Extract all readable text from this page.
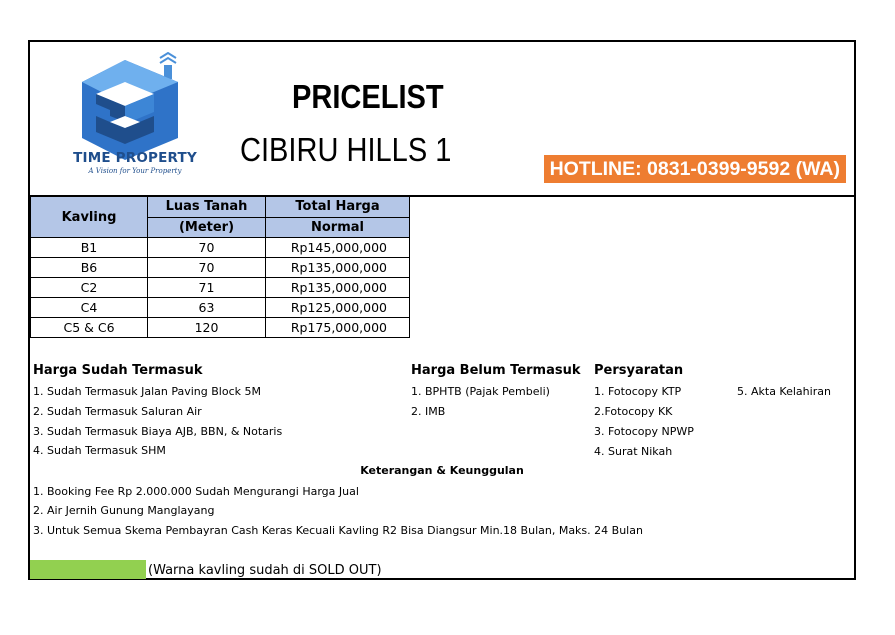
TIME PROPERTY
A Vision for Your Property
PRICELIST
CIBIRU HILLS 1
HOTLINE: 0831-0399-9592 (WA)
Kavling	Luas Tanah	Total Harga
	(Meter)	Normal
B1	70	Rp145,000,000
B6	70	Rp135,000,000
C2	71	Rp135,000,000
C4	63	Rp125,000,000
C5 & C6	120	Rp175,000,000
Harga Sudah Termasuk
1. Sudah Termasuk Jalan Paving Block 5M
2. Sudah Termasuk Saluran Air
3. Sudah Termasuk Biaya AJB, BBN, & Notaris
4. Sudah Termasuk SHM
Harga Belum Termasuk
1. BPHTB (Pajak Pembeli)
2. IMB
Persyaratan
1. Fotocopy KTP
2.Fotocopy KK
3. Fotocopy NPWP
4. Surat Nikah
5. Akta Kelahiran
Keterangan & Keunggulan
1. Booking Fee Rp 2.000.000 Sudah Mengurangi Harga Jual
2. Air Jernih Gunung Manglayang
3. Untuk Semua Skema Pembayran Cash Keras Kecuali Kavling R2 Bisa Diangsur Min.18 Bulan, Maks. 24 Bulan
(Warna kavling sudah di SOLD OUT)
